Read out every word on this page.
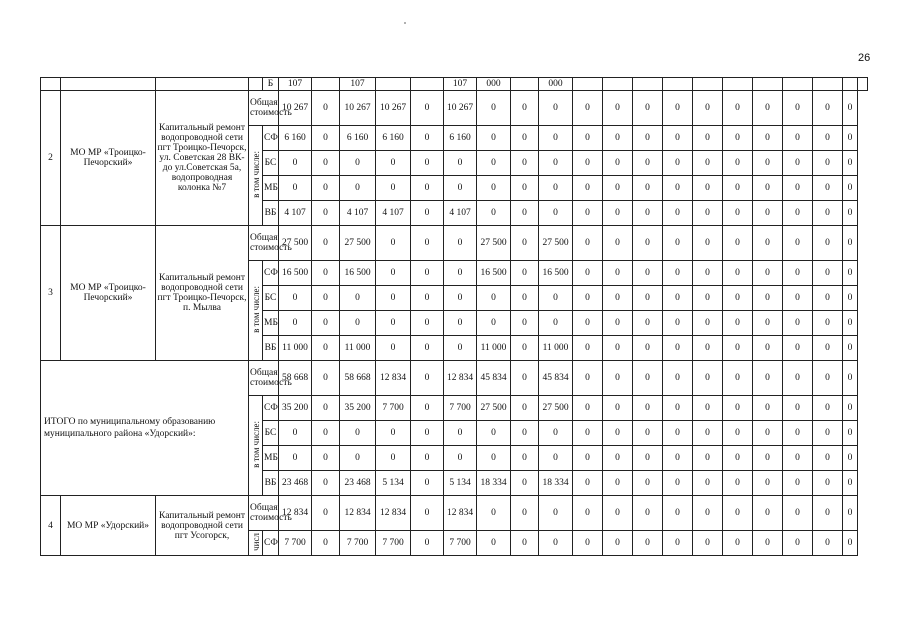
26
				Б	107		107			107	000		000											
2	МО МР «Троицко-Печорский»	Капитальный ремонт водопроводной сети пгт Троицко-Печорск, ул. Советская 28 ВК-до ул.Советская 5а, водопроводная колонка №7	Общая стоимость		10 267	0	10 267	10 267	0	10 267	0	0	0	0	0	0	0	0	0	0	0	0	0	
			в том числе:	СФ	6 160	0	6 160	6 160	0	6 160	0	0	0	0	0	0	0	0	0	0	0	0	0	
				БС	0	0	0	0	0	0	0	0	0	0	0	0	0	0	0	0	0	0	0	
				МБ	0	0	0	0	0	0	0	0	0	0	0	0	0	0	0	0	0	0	0	
				ВБ	4 107	0	4 107	4 107	0	4 107	0	0	0	0	0	0	0	0	0	0	0	0	0	
3	МО МР «Троицко-Печорский»	Капитальный ремонт водопроводной сети пгт Троицко-Печорск, п. Мылва	Общая стоимость		27 500	0	27 500	0	0	0	27 500	0	27 500	0	0	0	0	0	0	0	0	0	0	
			в том числе:	СФ	16 500	0	16 500	0	0	0	16 500	0	16 500	0	0	0	0	0	0	0	0	0	0	
				БС	0	0	0	0	0	0	0	0	0	0	0	0	0	0	0	0	0	0	0	
				МБ	0	0	0	0	0	0	0	0	0	0	0	0	0	0	0	0	0	0	0	
				ВБ	11 000	0	11 000	0	0	0	11 000	0	11 000	0	0	0	0	0	0	0	0	0	0	
ИТОГО по муниципальному образованию муниципального района «Удорский»:			Общая стоимость		58 668	0	58 668	12 834	0	12 834	45 834	0	45 834	0	0	0	0	0	0	0	0	0	0	
			в том числе:	СФ	35 200	0	35 200	7 700	0	7 700	27 500	0	27 500	0	0	0	0	0	0	0	0	0	0	
				БС	0	0	0	0	0	0	0	0	0	0	0	0	0	0	0	0	0	0	0	
				МБ	0	0	0	0	0	0	0	0	0	0	0	0	0	0	0	0	0	0	0	
				ВБ	23 468	0	23 468	5 134	0	5 134	18 334	0	18 334	0	0	0	0	0	0	0	0	0	0	
4	МО МР «Удорский»	Капитальный ремонт водопроводной сети пгт Усогорск,	Общая стоимость		12 834	0	12 834	12 834	0	12 834	0	0	0	0	0	0	0	0	0	0	0	0	0	
			числ	СФ	7 700	0	7 700	7 700	0	7 700	0	0	0	0	0	0	0	0	0	0	0	0	0	
